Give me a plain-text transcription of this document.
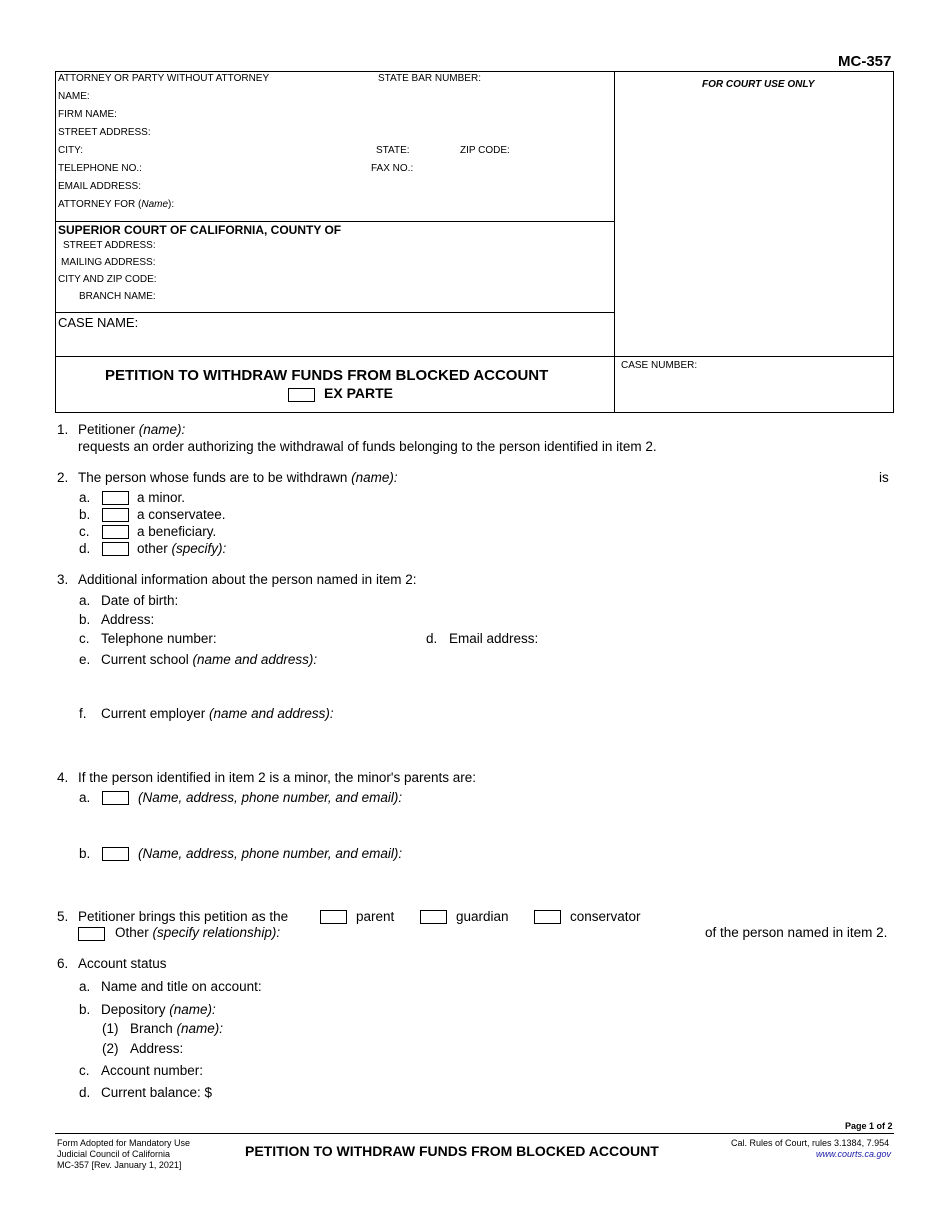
MC-357
ATTORNEY OR PARTY WITHOUT ATTORNEY	STATE BAR NUMBER:
NAME:
FIRM NAME:
STREET ADDRESS:
CITY:	STATE:	ZIP CODE:
TELEPHONE NO.:	FAX NO.:
EMAIL ADDRESS:
ATTORNEY FOR (Name):
FOR COURT USE ONLY
SUPERIOR COURT OF CALIFORNIA, COUNTY OF
STREET ADDRESS:
MAILING ADDRESS:
CITY AND ZIP CODE:
BRANCH NAME:
CASE NAME:
CASE NUMBER:
PETITION TO WITHDRAW FUNDS FROM BLOCKED ACCOUNT
EX PARTE
1. Petitioner (name):
requests an order authorizing the withdrawal of funds belonging to the person identified in item 2.
2. The person whose funds are to be withdrawn (name):	is
a.	a minor.
b.	a conservatee.
c.	a beneficiary.
d.	other (specify):
3. Additional information about the person named in item 2:
a. Date of birth:
b. Address:
c. Telephone number:	d. Email address:
e. Current school (name and address):
f. Current employer (name and address):
4. If the person identified in item 2 is a minor, the minor's parents are:
a.	(Name, address, phone number, and email):
b.	(Name, address, phone number, and email):
5. Petitioner brings this petition as the	parent	guardian	conservator
Other (specify relationship):	of the person named in item 2.
6. Account status
a. Name and title on account:
b. Depository (name):
(1) Branch (name):
(2) Address:
c. Account number:
d. Current balance: $
Page 1 of 2
Form Adopted for Mandatory Use
Judicial Council of California
MC-357 [Rev. January 1, 2021]
PETITION TO WITHDRAW FUNDS FROM BLOCKED ACCOUNT	Cal. Rules of Court, rules 3.1384, 7.954
www.courts.ca.gov
